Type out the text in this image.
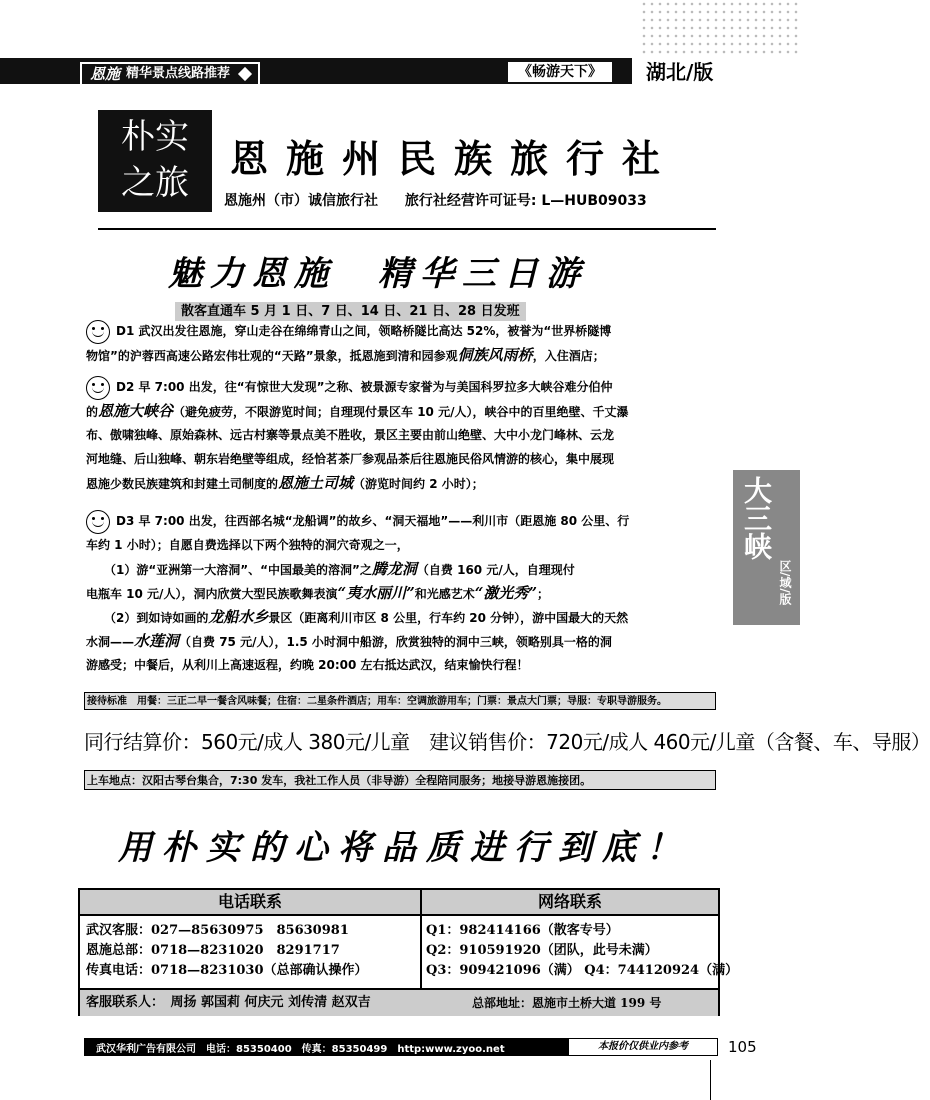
恩施 精华景点线路推荐	《畅游天下》	湖北/版
朴实
之旅
恩施州民族旅行社
恩施州（市）诚信旅行社 旅行社经营许可证号: L—HUB09033
魅力恩施　精华三日游
散客直通车 5 月 1 日、7 日、14 日、21 日、28 日发班
D1 武汉出发往恩施，穿山走谷在绵绵青山之间，领略桥隧比高达 52%，被誉为“世界桥隧博
物馆”的沪蓉西高速公路宏伟壮观的“天路”景象，抵恩施到清和园参观侗族风雨桥，入住酒店；
D2 早 7:00 出发，往“有惊世大发现”之称、被景源专家誉为与美国科罗拉多大峡谷难分伯仲
的恩施大峡谷（避免疲劳，不限游览时间；自理现付景区车 10 元/人），峡谷中的百里绝壁、千丈瀑
布、傲啸独峰、原始森林、远古村寨等景点美不胜收，景区主要由前山绝壁、大中小龙门峰林、云龙
河地缝、后山独峰、朝东岩绝壁等组成，经恰茗茶厂参观品茶后往恩施民俗风情游的核心，集中展现
恩施少数民族建筑和封建土司制度的恩施土司城（游览时间约 2 小时）；
D3 早 7:00 出发，往西部名城“龙船调”的故乡、“洞天福地”——利川市（距恩施 80 公里、行
车约 1 小时）；自愿自费选择以下两个独特的洞穴奇观之一，
（1）游“亚洲第一大溶洞”、“中国最美的溶洞”之腾龙洞（自费 160 元/人，自理现付
电瓶车 10 元/人），洞内欣赏大型民族歌舞表演“夷水丽川”和光感艺术“激光秀”；
（2）到如诗如画的龙船水乡景区（距离利川市区 8 公里，行车约 20 分钟），游中国最大的天然
水洞——水莲洞（自费 75 元/人），1.5 小时洞中船游，欣赏独特的洞中三峡，领略别具一格的洞
游感受；中餐后，从利川上高速返程，约晚 20:00 左右抵达武汉，结束愉快行程！
大三峡
区/域/版
接待标准　用餐：三正二早一餐含风味餐；住宿：二星条件酒店；用车：空调旅游用车；门票：景点大门票；导服：专职导游服务。
同行结算价：560元/成人 380元/儿童　建议销售价：720元/成人 460元/儿童（含餐、车、导服）
上车地点：汉阳古琴台集合，7:30 发车，我社工作人员（非导游）全程陪同服务；地接导游恩施接团。
用朴实的心将品质进行到底！
电话联系	网络联系
武汉客服：027—85630975　85630981
恩施总部：0718—8231020　8291717
传真电话：0718—8231030（总部确认操作）
Q1：982414166（散客专号）
Q2：910591920（团队，此号未满）
Q3：909421096（满） Q4：744120924（满）
客服联系人：　周扬 郭国莉 何庆元 刘传清 赵双吉	总部地址：恩施市土桥大道 199 号
武汉华利广告有限公司　电话：85350400　传真：85350499　http:www.zyoo.net	本报价仅供业内参考	105
